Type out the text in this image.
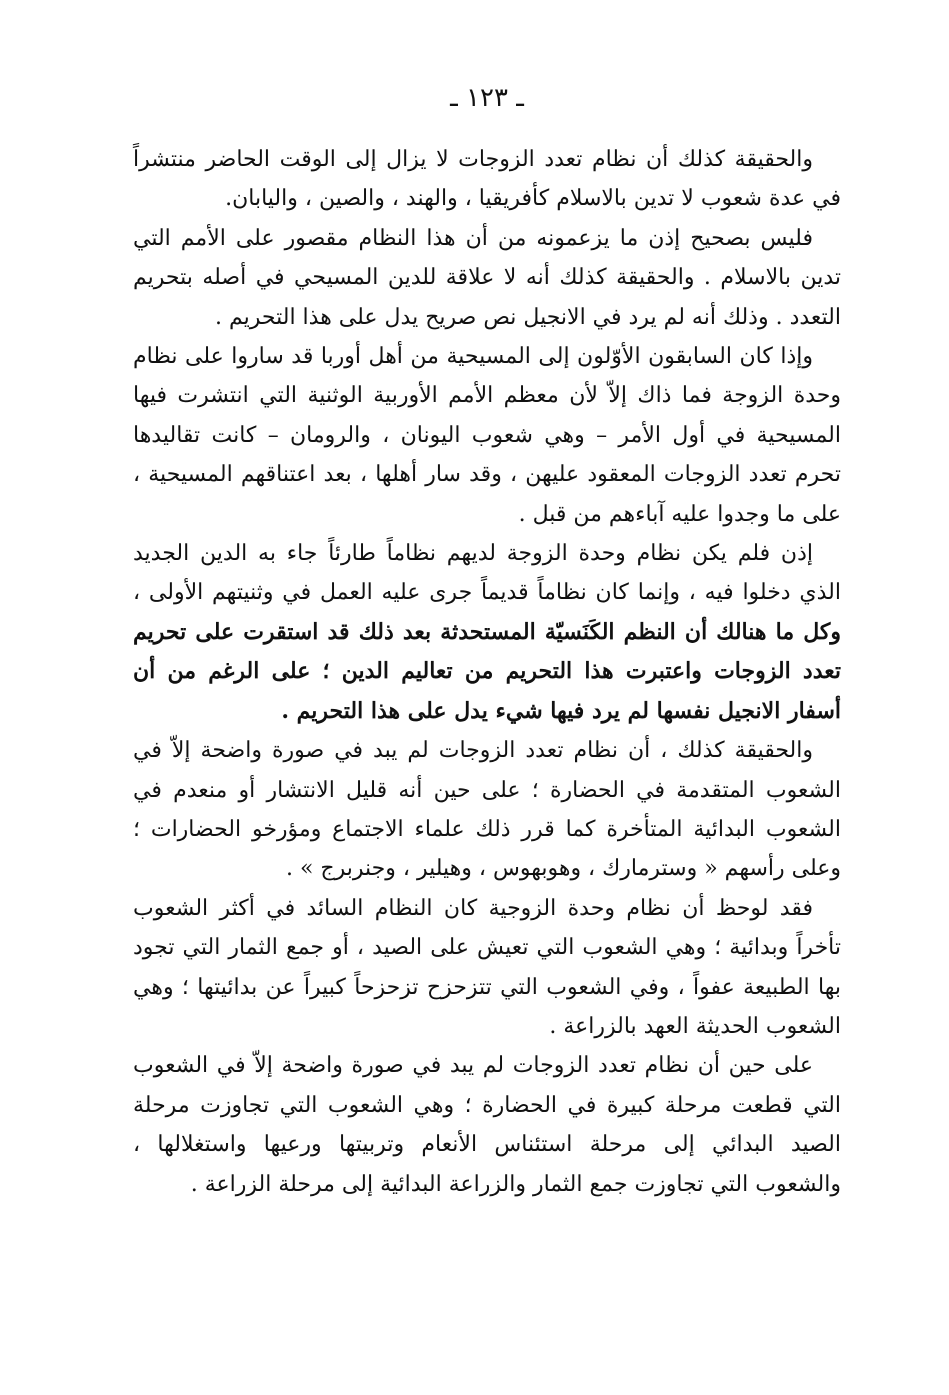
ـ ١٢٣ ـ

والحقيقة كذلك أن نظام تعدد الزوجات لا يزال إلى الوقت الحاضر منتشراً في عدة شعوب لا تدين بالاسلام كأفريقيا ، والهند ، والصين ، واليابان.

فليس بصحيح إذن ما يزعمونه من أن هذا النظام مقصور على الأمم التي تدين بالاسلام . والحقيقة كذلك أنه لا علاقة للدين المسيحي في أصله بتحريم التعدد . وذلك أنه لم يرد في الانجيل نص صريح يدل على هذا التحريم .

وإذا كان السابقون الأوّلون إلى المسيحية من أهل أوربا قد ساروا على نظام وحدة الزوجة فما ذاك إلاّ لأن معظم الأمم الأوربية الوثنية التي انتشرت فيها المسيحية في أول الأمر – وهي شعوب اليونان ، والرومان – كانت تقاليدها تحرم تعدد الزوجات المعقود عليهن ، وقد سار أهلها ، بعد اعتناقهم المسيحية ، على ما وجدوا عليه آباءهم من قبل .

إذن فلم يكن نظام وحدة الزوجة لديهم نظاماً طارئاً جاء به الدين الجديد الذي دخلوا فيه ، وإنما كان نظاماً قديماً جرى عليه العمل في وثنيتهم الأولى ، وكل ما هنالك أن النظم الكَنَسيّة المستحدثة بعد ذلك قد استقرت على تحريم تعدد الزوجات واعتبرت هذا التحريم من تعاليم الدين ؛ على الرغم من أن أسفار الانجيل نفسها لم يرد فيها شيء يدل على هذا التحريم .

والحقيقة كذلك ، أن نظام تعدد الزوجات لم يبد في صورة واضحة إلاّ في الشعوب المتقدمة في الحضارة ؛ على حين أنه قليل الانتشار أو منعدم في الشعوب البدائية المتأخرة كما قرر ذلك علماء الاجتماع ومؤرخو الحضارات ؛ وعلى رأسهم « وسترمارك ، وهوبهوس ، وهيلير ، وجنربرج » .

فقد لوحظ أن نظام وحدة الزوجية كان النظام السائد في أكثر الشعوب تأخراً وبدائية ؛ وهي الشعوب التي تعيش على الصيد ، أو جمع الثمار التي تجود بها الطبيعة عفواً ، وفي الشعوب التي تتزحزح تزحزحاً كبيراً عن بدائيتها ؛ وهي الشعوب الحديثة العهد بالزراعة .

على حين أن نظام تعدد الزوجات لم يبد في صورة واضحة إلاّ في الشعوب التي قطعت مرحلة كبيرة في الحضارة ؛ وهي الشعوب التي تجاوزت مرحلة الصيد البدائي إلى مرحلة استئناس الأنعام وتربيتها ورعيها واستغلالها ، والشعوب التي تجاوزت جمع الثمار والزراعة البدائية إلى مرحلة الزراعة .
